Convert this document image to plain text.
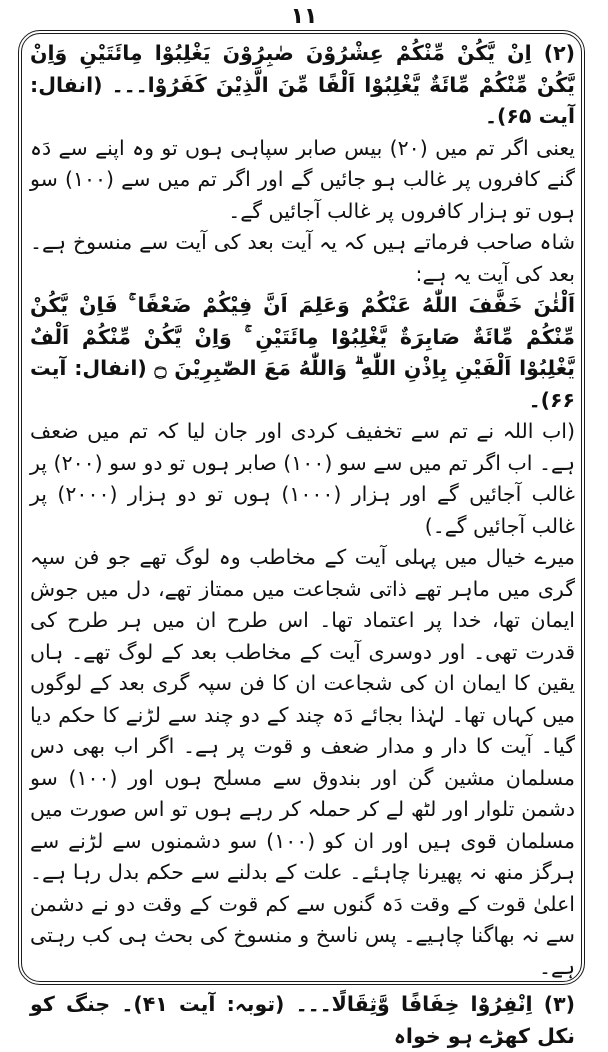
۱۱

(۲) اِنْ يَّكُنْ مِّنْكُمْ عِشْرُوْنَ صٰبِرُوْنَ يَغْلِبُوْا مِائَتَيْنِ وَاِنْ يَّكُنْ مِّنْكُمْ مِّائَةٌ يَّغْلِبُوْا اَلْفًا مِّنَ الَّذِيْنَ كَفَرُوْا۔۔۔ (انفال: آیت ۶۵)۔

یعنی اگر تم میں (۲۰) بیس صابر سپاہی ہوں تو وہ اپنے سے دَہ گنے کافروں پر غالب ہو جائیں گے اور اگر تم میں سے (۱۰۰) سو ہوں تو ہزار کافروں پر غالب آجائیں گے۔

شاہ صاحب فرماتے ہیں کہ یہ آیت بعد کی آیت سے منسوخ ہے۔ بعد کی آیت یہ ہے:

اَلْئٰنَ خَفَّفَ اللّٰهُ عَنْكُمْ وَعَلِمَ اَنَّ فِيْكُمْ ضَعْفًا ۚ فَاِنْ يَّكُنْ مِّنْكُمْ مِّائَةٌ صَابِرَةٌ يَّغْلِبُوْا مِائَتَيْنِ ۚ وَاِنْ يَّكُنْ مِّنْكُمْ اَلْفٌ يَّغْلِبُوْا اَلْفَيْنِ بِاِذْنِ اللّٰهِ ۗ وَاللّٰهُ مَعَ الصّٰبِرِيْنَ ۝ (انفال: آیت ۶۶)۔

(اب اللہ نے تم سے تخفیف کردی اور جان لیا کہ تم میں ضعف ہے۔ اب اگر تم میں سے سو (۱۰۰) صابر ہوں تو دو سو (۲۰۰) پر غالب آجائیں گے اور ہزار (۱۰۰۰) ہوں تو دو ہزار (۲۰۰۰) پر غالب آجائیں گے۔)

میرے خیال میں پہلی آیت کے مخاطب وہ لوگ تھے جو فن سپہ گری میں ماہر تھے ذاتی شجاعت میں ممتاز تھے، دل میں جوش ایمان تھا، خدا پر اعتماد تھا۔ اس طرح ان میں ہر طرح کی قدرت تھی۔ اور دوسری آیت کے مخاطب بعد کے لوگ تھے۔ ہاں یقین کا ایمان ان کی شجاعت ان کا فن سپہ گری بعد کے لوگوں میں کہاں تھا۔ لہٰذا بجائے دَہ چند کے دو چند سے لڑنے کا حکم دیا گیا۔ آیت کا دار و مدار ضعف و قوت پر ہے۔ اگر اب بھی دس مسلمان مشین گن اور بندوق سے مسلح ہوں اور (۱۰۰) سو دشمن تلوار اور لٹھ لے کر حملہ کر رہے ہوں تو اس صورت میں مسلمان قوی ہیں اور ان کو (۱۰۰) سو دشمنوں سے لڑنے سے ہرگز منھ نہ پھیرنا چاہئے۔ علت کے بدلنے سے حکم بدل رہا ہے۔ اعلیٰ قوت کے وقت دَہ گنوں سے کم قوت کے وقت دو نے دشمن سے نہ بھاگنا چاہیے۔ پس ناسخ و منسوخ کی بحث ہی کب رہتی ہے۔

(۳) اِنْفِرُوْا خِفَافًا وَّثِقَالًا۔۔۔ (توبہ: آیت ۴۱)۔ جنگ کو نکل کھڑے ہو خواہ
